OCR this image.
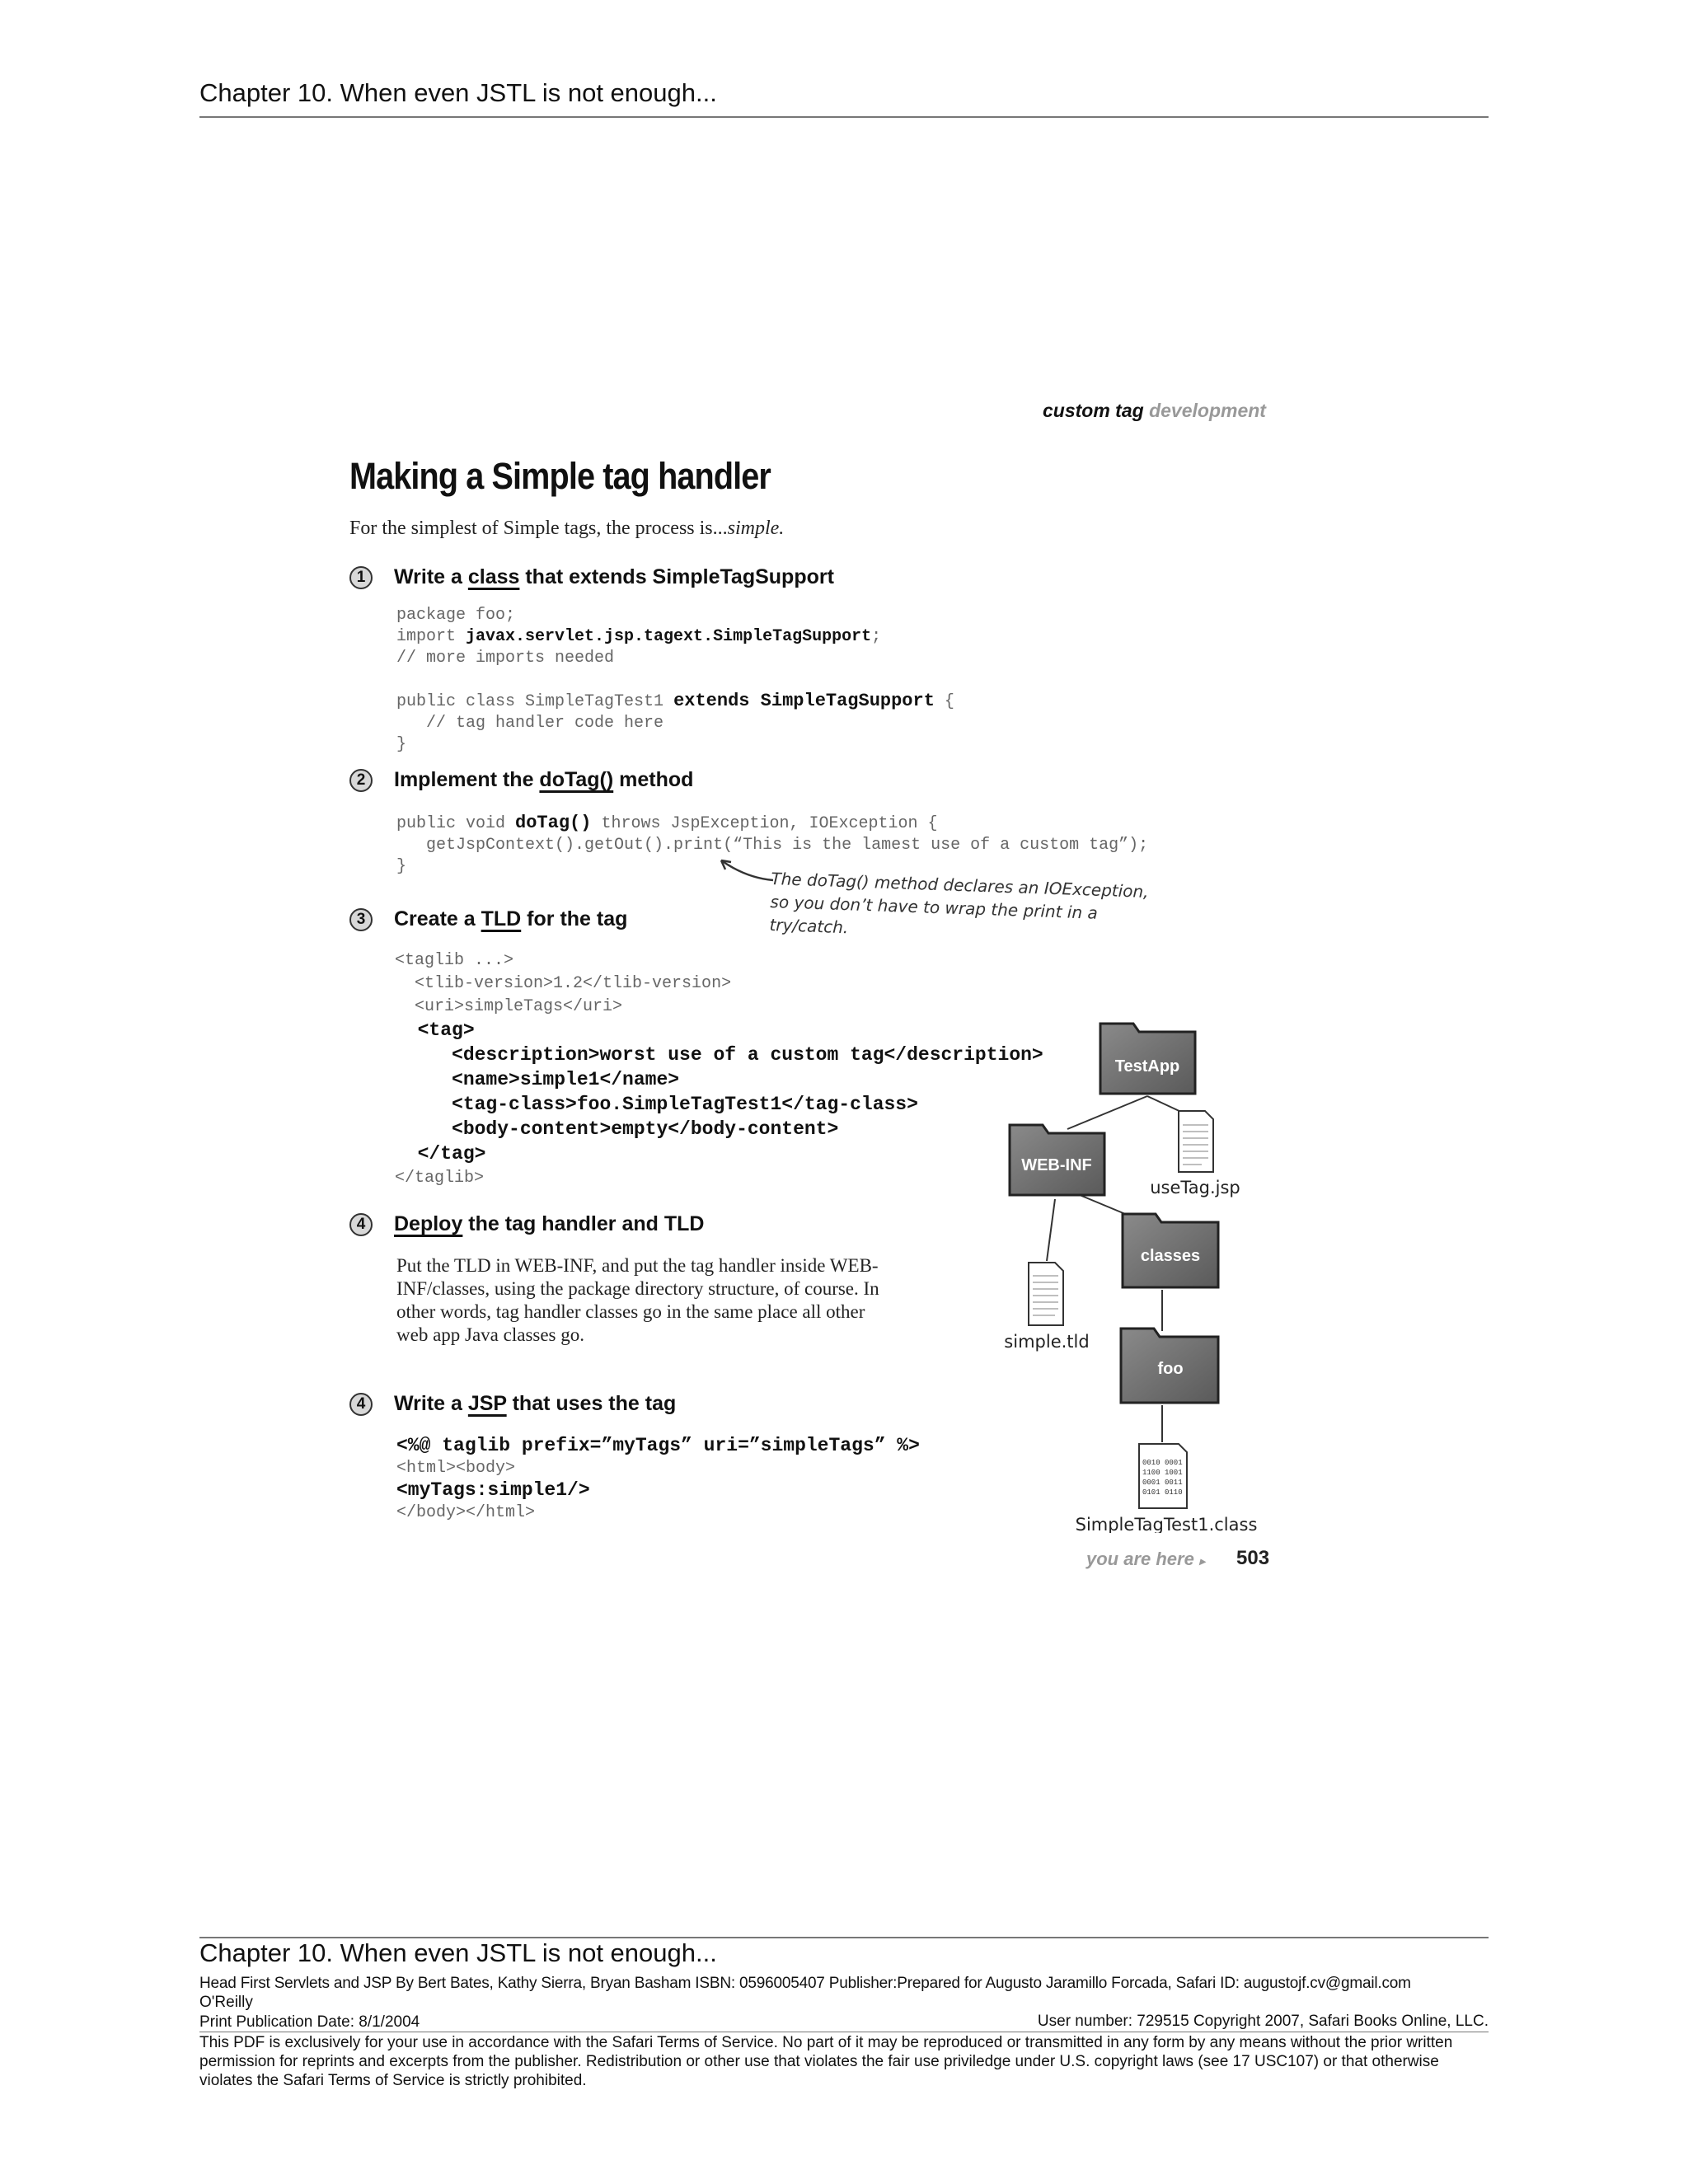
Chapter 10. When even JSTL is not enough...
custom tag development
Making a Simple tag handler
For the simplest of Simple tags, the process is...simple.
1	Write a class that extends SimpleTagSupport
package foo;
import javax.servlet.jsp.tagext.SimpleTagSupport;
// more imports needed

public class SimpleTagTest1 extends SimpleTagSupport {
// tag handler code here
}
2	Implement the doTag() method
public void doTag() throws JspException, IOException {
getJspContext().getOut().print(“This is the lamest use of a custom tag”);
}
The doTag() method declares an IOException, so you don’t have to wrap the print in a try/catch.
3	Create a TLD for the tag
<taglib ...>
<tlib-version>1.2</tlib-version>
<uri>simpleTags</uri>
<tag>
<description>worst use of a custom tag</description>
<name>simple1</name>
<tag-class>foo.SimpleTagTest1</tag-class>
<body-content>empty</body-content>
</tag>
</taglib>
4	Deploy the tag handler and TLD
Put the TLD in WEB-INF, and put the tag handler inside WEB-INF/classes, using the package directory structure, of course. In other words, tag handler classes go in the same place all other web app Java classes go.
4	Write a JSP that uses the tag
<%@ taglib prefix=”myTags” uri=”simpleTags” %>
<html><body>
<myTags:simple1/>
</body></html>
TestApp
useTag.jsp
WEB-INF
classes
simple.tld
foo
0010 0001
1100 1001
0001 0011
0101 0110
SimpleTagTest1.class
you are here ▸ 503
Chapter 10. When even JSTL is not enough...
Head First Servlets and JSP By Bert Bates, Kathy Sierra, Bryan Basham ISBN: 0596005407 Publisher:Prepared for Augusto Jaramillo Forcada, Safari ID: augustojf.cv@gmail.com
O'Reilly
Print Publication Date: 8/1/2004	User number: 729515 Copyright 2007, Safari Books Online, LLC.
This PDF is exclusively for your use in accordance with the Safari Terms of Service. No part of it may be reproduced or transmitted in any form by any means without the prior written permission for reprints and excerpts from the publisher. Redistribution or other use that violates the fair use priviledge under U.S. copyright laws (see 17 USC107) or that otherwise violates the Safari Terms of Service is strictly prohibited.
